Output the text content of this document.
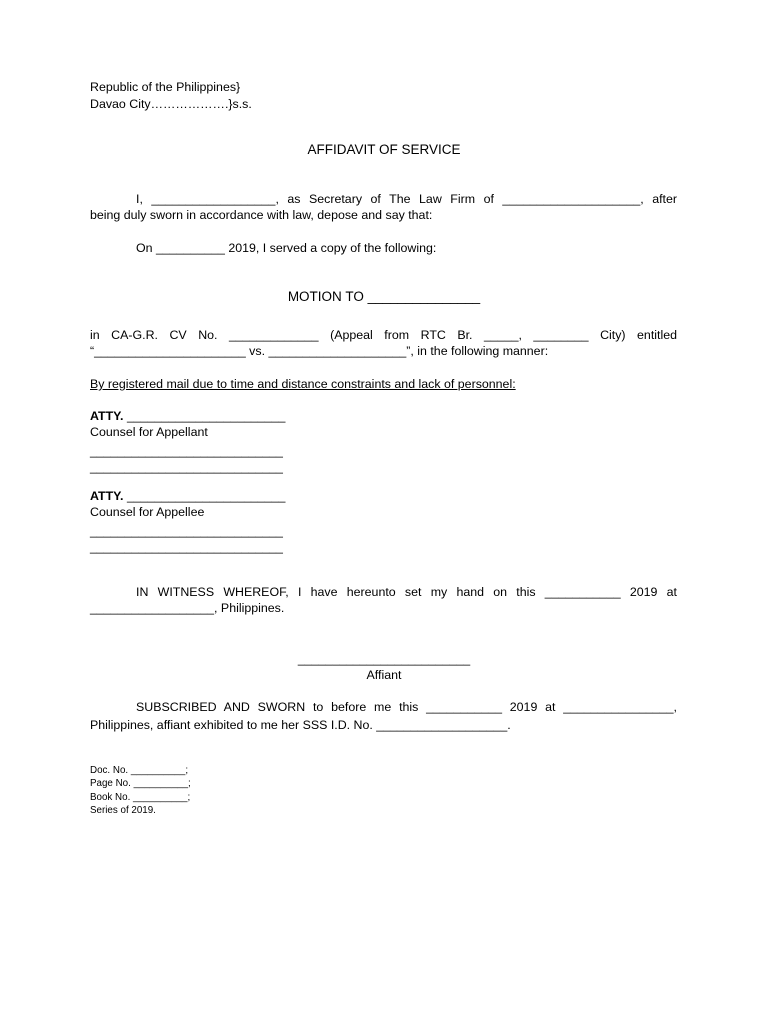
Republic of the Philippines}
Davao City……………….}s.s.
AFFIDAVIT OF SERVICE
I, __________________, as Secretary of The Law Firm of ____________________, after
being duly sworn in accordance with law, depose and say that:
On __________ 2019, I served a copy of the following:
MOTION TO _______________
in CA-G.R. CV No. _____________ (Appeal from RTC Br. _____, ________ City) entitled
“______________________ vs. ____________________”, in the following manner:
By registered mail due to time and distance constraints and lack of personnel:
ATTY. _______________________
Counsel for Appellant
____________________________
____________________________
ATTY. _______________________
Counsel for Appellee
____________________________
____________________________
IN WITNESS WHEREOF, I have hereunto set my hand on this ___________ 2019 at
__________________, Philippines.
_________________________
Affiant
SUBSCRIBED AND SWORN to before me this ___________ 2019 at ________________,
Philippines, affiant exhibited to me her SSS I.D. No. ___________________.
Doc. No. __________;
Page No. __________;
Book No. __________;
Series of 2019.
